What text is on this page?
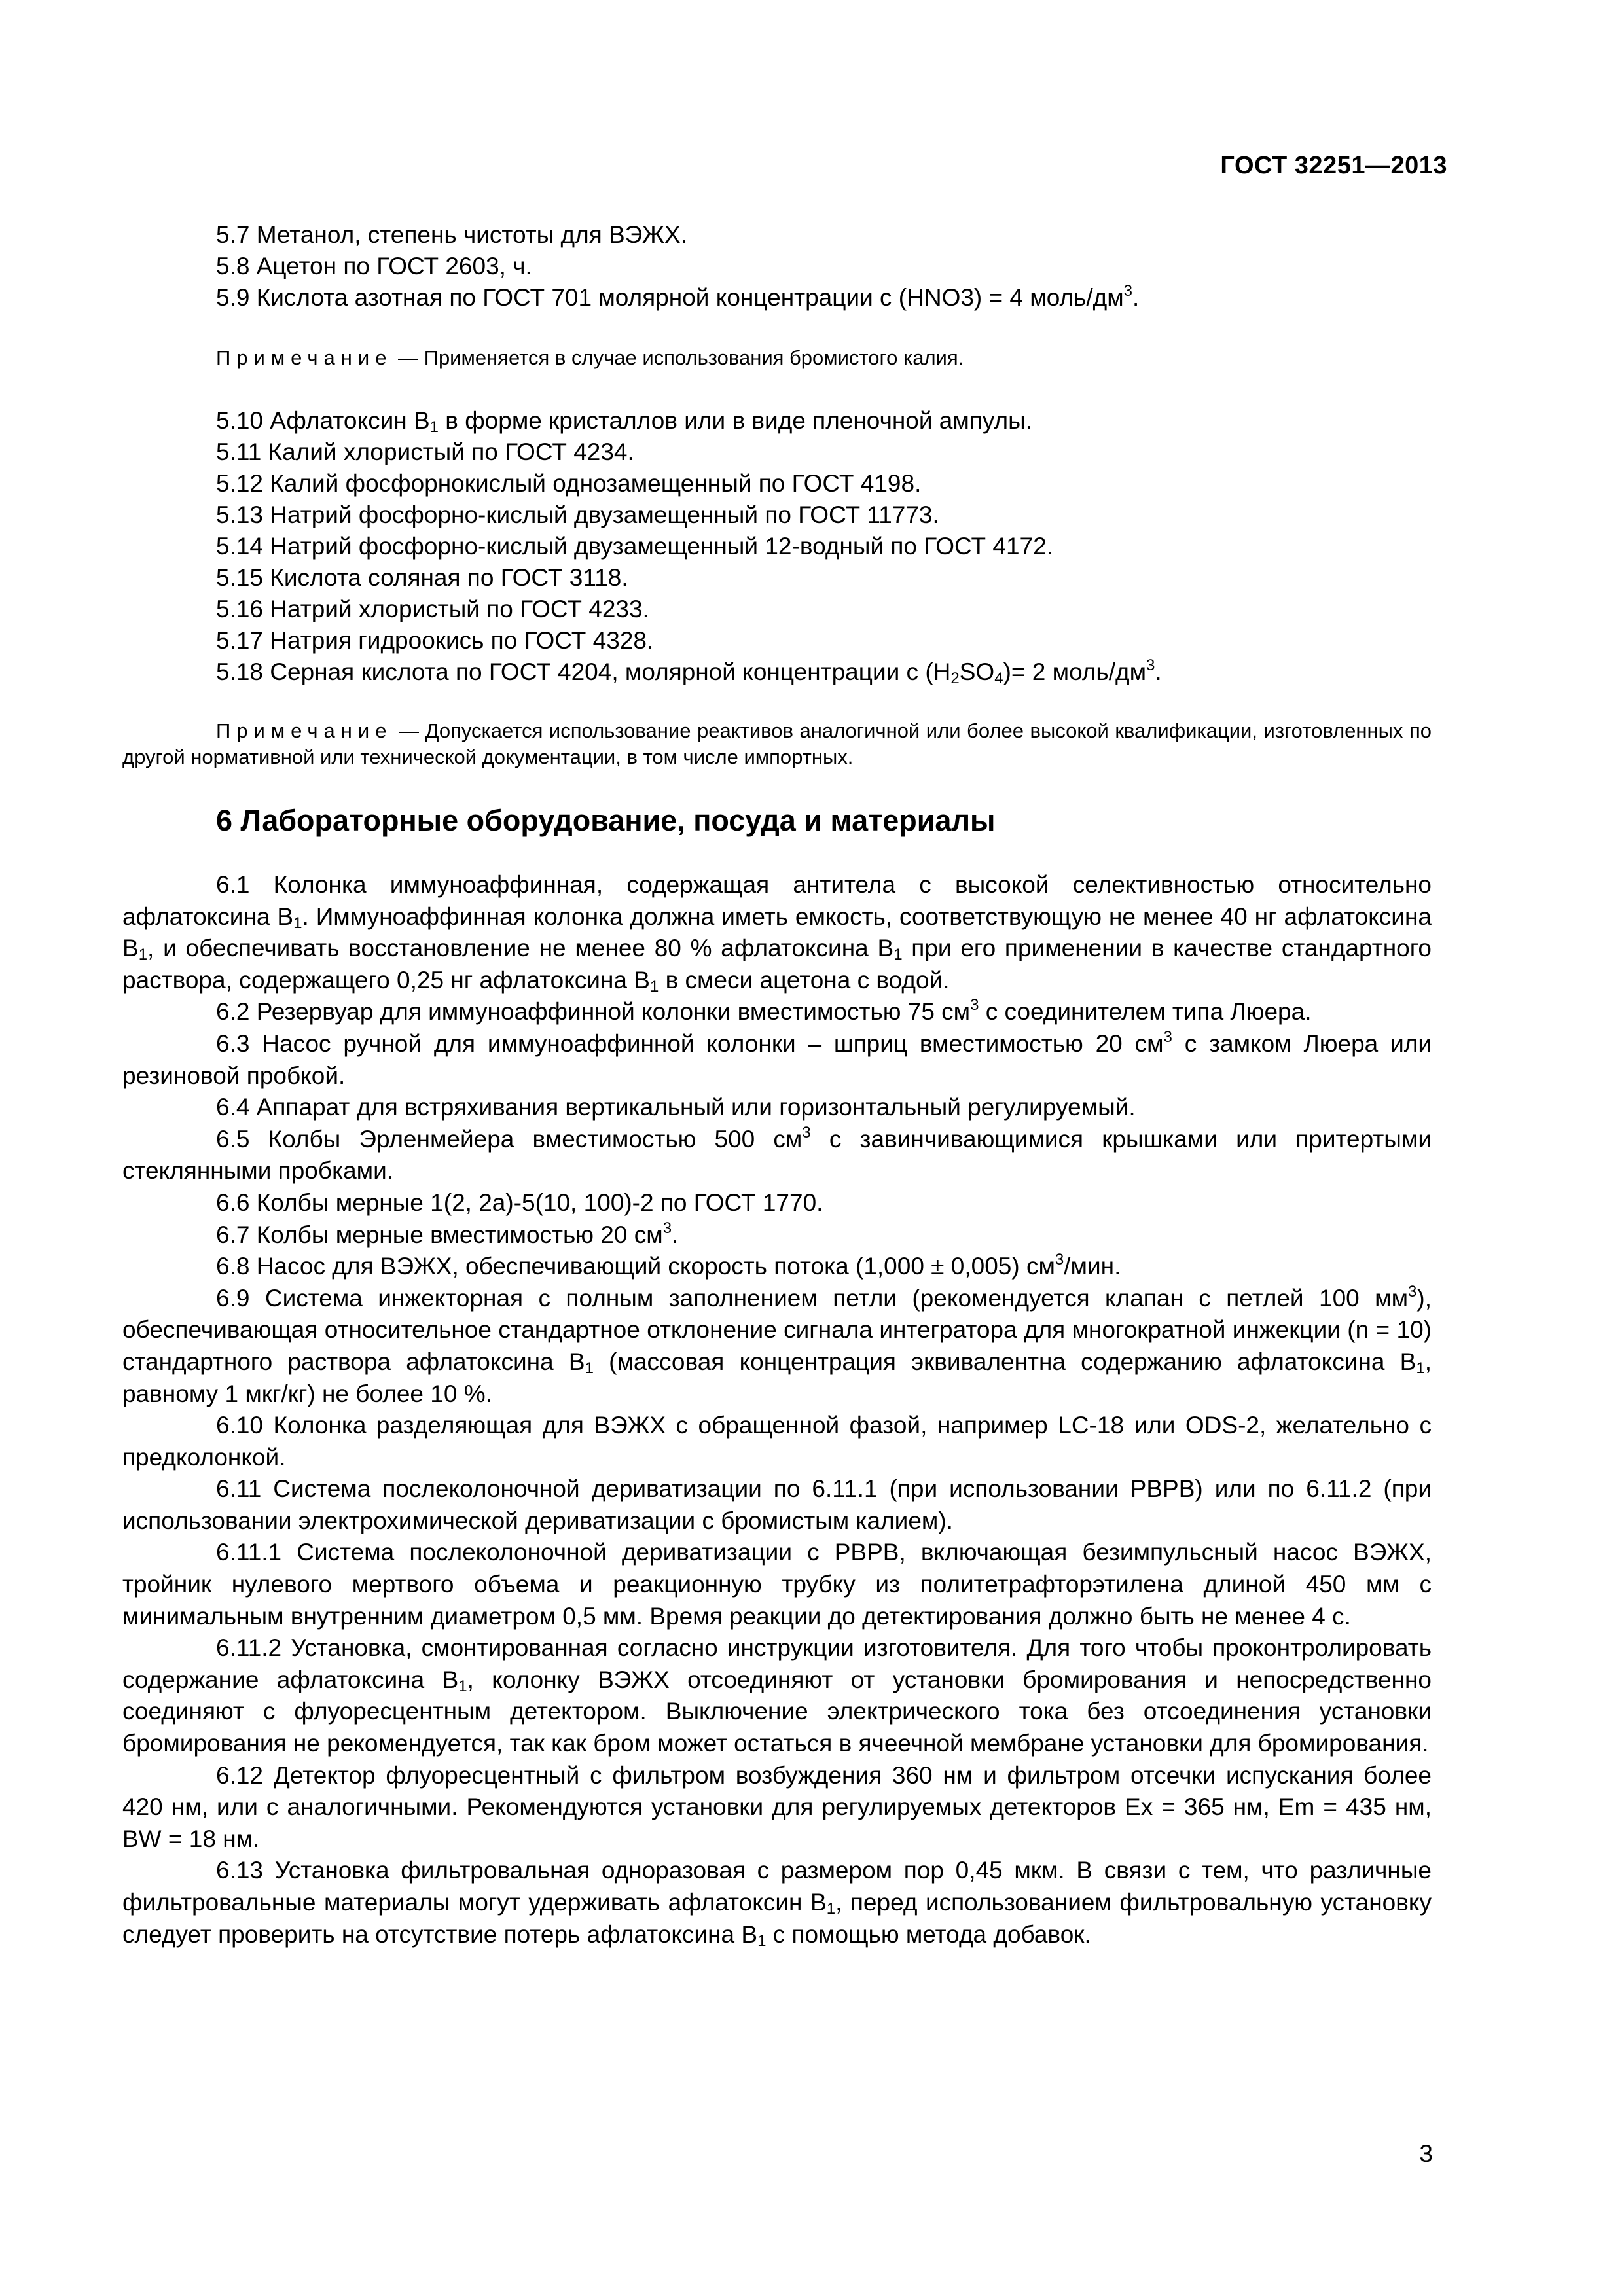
ГОСТ 32251—2013
5.7 Метанол, степень чистоты для ВЭЖХ.
5.8 Ацетон по ГОСТ 2603, ч.
5.9 Кислота азотная по ГОСТ 701 молярной концентрации с (HNO3) = 4 моль/$дм^3$.
Примечание — Применяется в случае использования бромистого калия.
5.10 Афлатоксин $B_1$ в форме кристаллов или в виде пленочной ампулы.
5.11 Калий хлористый по ГОСТ 4234.
5.12 Калий фосфорнокислый однозамещенный по ГОСТ 4198.
5.13 Натрий фосфорно-кислый двузамещенный по ГОСТ 11773.
5.14 Натрий фосфорно-кислый двузамещенный 12-водный по ГОСТ 4172.
5.15 Кислота соляная по ГОСТ 3118.
5.16 Натрий хлористый по ГОСТ 4233.
5.17 Натрия гидроокись по ГОСТ 4328.
5.18 Серная кислота по ГОСТ 4204, молярной концентрации с $(H_2SO_4)= 2$ моль/$дм^3$.
Примечание — Допускается использование реактивов аналогичной или более высокой квалификации, изготовленных по другой нормативной или технической документации, в том числе импортных.
6 Лабораторные оборудование, посуда и материалы

6.1 Колонка иммуноаффинная, содержащая антитела с высокой селективностью относительно афлатоксина $B_1$. Иммуноаффинная колонка должна иметь емкость, соответствующую не менее 40 нг афлатоксина $B_1$, и обеспечивать восстановление не менее 80 % афлатоксина $B_1$ при его применении в качестве стандартного раствора, содержащего 0,25 нг афлатоксина $B_1$ в смеси ацетона с водой.

6.2 Резервуар для иммуноаффинной колонки вместимостью 75 $см^3$ с соединителем типа Люера.

6.3 Насос ручной для иммуноаффинной колонки – шприц вместимостью 20 $см^3$ с замком Люера или резиновой пробкой.

6.4 Аппарат для встряхивания вертикальный или горизонтальный регулируемый.

6.5 Колбы Эрленмейера вместимостью 500 $см^3$ с завинчивающимися крышками или притертыми стеклянными пробками.

6.6 Колбы мерные 1(2, 2а)-5(10, 100)-2 по ГОСТ 1770.

6.7 Колбы мерные вместимостью 20 $см^3$.

6.8 Насос для ВЭЖХ, обеспечивающий скорость потока (1,000 ± 0,005) $см^3$/мин.

6.9 Система инжекторная с полным заполнением петли (рекомендуется клапан с петлей 100 $мм^3$), обеспечивающая относительное стандартное отклонение сигнала интегратора для многократной инжекции (n = 10) стандартного раствора афлатоксина $B_1$ (массовая концентрация эквивалентна содержанию афлатоксина $B_1$, равному 1 мкг/кг) не более 10 %.

6.10 Колонка разделяющая для ВЭЖХ с обращенной фазой, например LC-18 или ODS-2, желательно с предколонкой.

6.11 Система послеколоночной дериватизации по 6.11.1 (при использовании PBPB) или по 6.11.2 (при использовании электрохимической дериватизации с бромистым калием).

6.11.1 Система послеколоночной дериватизации с PBPB, включающая безимпульсный насос ВЭЖХ, тройник нулевого мертвого объема и реакционную трубку из политетрафторэтилена длиной 450 мм с минимальным внутренним диаметром 0,5 мм. Время реакции до детектирования должно быть не менее 4 с.

6.11.2 Установка, смонтированная согласно инструкции изготовителя. Для того чтобы проконтролировать содержание афлатоксина $B_1$, колонку ВЭЖХ отсоединяют от установки бромирования и непосредственно соединяют с флуоресцентным детектором. Выключение электрического тока без отсоединения установки бромирования не рекомендуется, так как бром может остаться в ячеечной мембране установки для бромирования.

6.12 Детектор флуоресцентный с фильтром возбуждения 360 нм и фильтром отсечки испускания более 420 нм, или с аналогичными. Рекомендуются установки для регулируемых детекторов Ex = 365 нм, Em = 435 нм, BW = 18 нм.

6.13 Установка фильтровальная одноразовая с размером пор 0,45 мкм. В связи с тем, что различные фильтровальные материалы могут удерживать афлатоксин $B_1$, перед использованием фильтровальную установку следует проверить на отсутствие потерь афлатоксина $B_1$ с помощью метода добавок.

3
